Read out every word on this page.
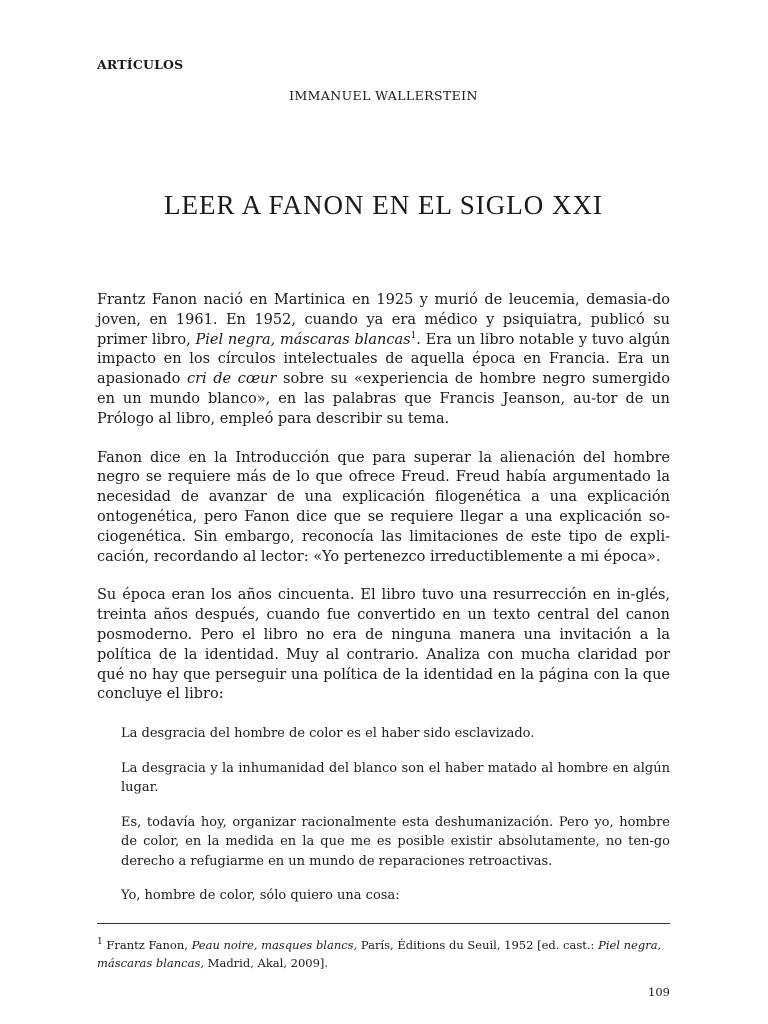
ARTÍCULOS
IMMANUEL WALLERSTEIN
LEER A FANON EN EL SIGLO XXI

Frantz Fanon nació en Martinica en 1925 y murió de leucemia, demasia-do joven, en 1961. En 1952, cuando ya era médico y psiquiatra, publicó su primer libro, Piel negra, máscaras blancas$^1$. Era un libro notable y tuvo algún impacto en los círculos intelectuales de aquella época en Francia. Era un apasionado cri de cœur sobre su «experiencia de hombre negro sumergido en un mundo blanco», en las palabras que Francis Jeanson, au-tor de un Prólogo al libro, empleó para describir su tema.

Fanon dice en la Introducción que para superar la alienación del hombre negro se requiere más de lo que ofrece Freud. Freud había argumentado la necesidad de avanzar de una explicación filogenética a una explicación ontogenética, pero Fanon dice que se requiere llegar a una explicación so-ciogenética. Sin embargo, reconocía las limitaciones de este tipo de expli-cación, recordando al lector: «Yo pertenezco irreductiblemente a mi época».

Su época eran los años cincuenta. El libro tuvo una resurrección en in-glés, treinta años después, cuando fue convertido en un texto central del canon posmoderno. Pero el libro no era de ninguna manera una invitación a la política de la identidad. Muy al contrario. Analiza con mucha claridad por qué no hay que perseguir una política de la identidad en la página con la que concluye el libro:

La desgracia del hombre de color es el haber sido esclavizado.

La desgracia y la inhumanidad del blanco son el haber matado al hombre en algún lugar.

Es, todavía hoy, organizar racionalmente esta deshumanización. Pero yo, hombre de color, en la medida en la que me es posible existir absolutamente, no ten-go derecho a refugiarme en un mundo de reparaciones retroactivas.

Yo, hombre de color, sólo quiero una cosa:

$^1$ Frantz Fanon, Peau noire, masques blancs, París, Éditions du Seuil, 1952 [ed. cast.: Piel negra, máscaras blancas, Madrid, Akal, 2009].
109
